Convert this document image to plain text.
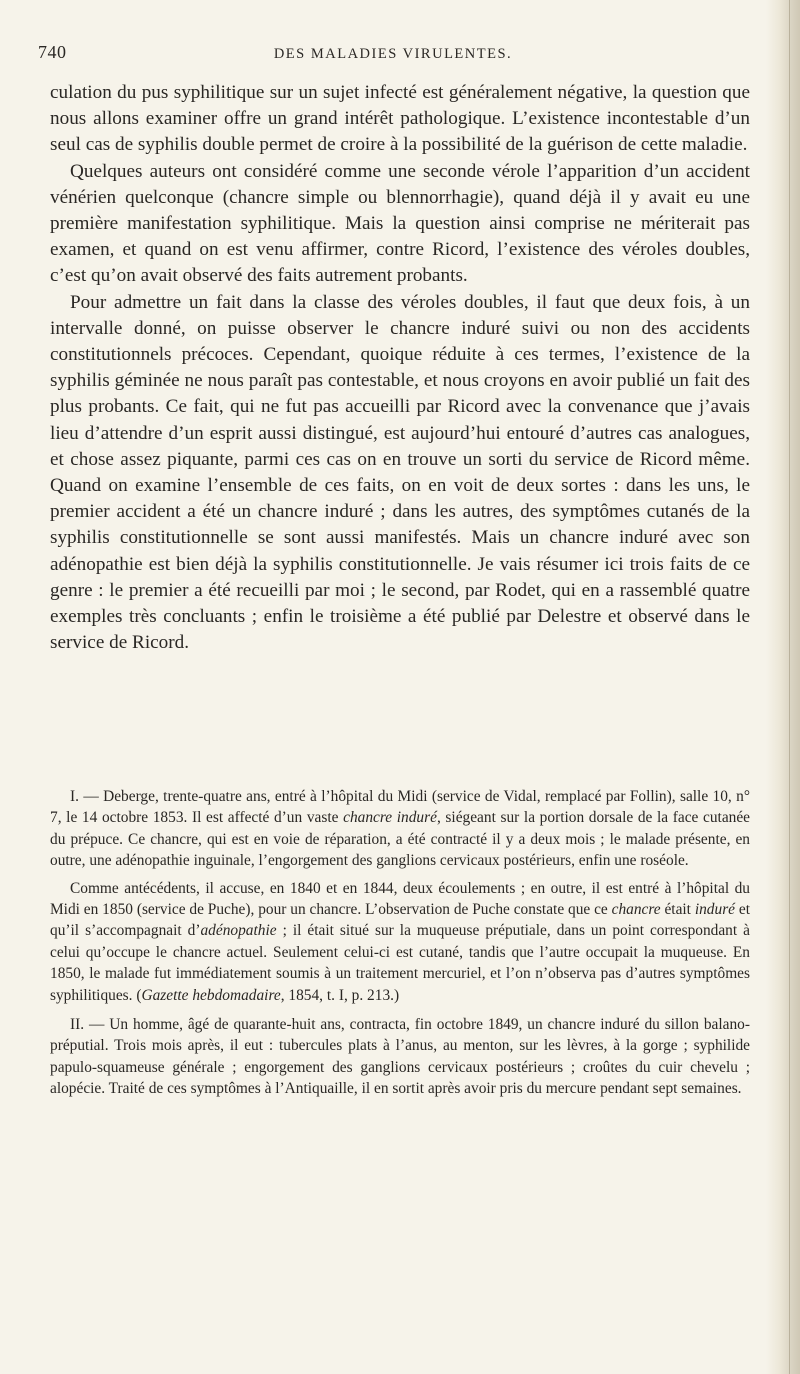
740	DES MALADIES VIRULENTES.

culation du pus syphilitique sur un sujet infecté est généralement négative, la question que nous allons examiner offre un grand intérêt pathologique. L’existence incontestable d’un seul cas de syphilis double permet de croire à la possibilité de la guérison de cette maladie.

Quelques auteurs ont considéré comme une seconde vérole l’apparition d’un accident vénérien quelconque (chancre simple ou blennorrhagie), quand déjà il y avait eu une première manifestation syphilitique. Mais la question ainsi comprise ne mériterait pas examen, et quand on est venu affirmer, contre Ricord, l’existence des véroles doubles, c’est qu’on avait observé des faits autrement probants.

Pour admettre un fait dans la classe des véroles doubles, il faut que deux fois, à un intervalle donné, on puisse observer le chancre induré suivi ou non des accidents constitutionnels précoces. Cependant, quoique réduite à ces termes, l’existence de la syphilis géminée ne nous paraît pas contestable, et nous croyons en avoir publié un fait des plus probants. Ce fait, qui ne fut pas accueilli par Ricord avec la convenance que j’avais lieu d’attendre d’un esprit aussi distingué, est aujourd’hui entouré d’autres cas analogues, et chose assez piquante, parmi ces cas on en trouve un sorti du service de Ricord même. Quand on examine l’ensemble de ces faits, on en voit de deux sortes : dans les uns, le premier accident a été un chancre induré ; dans les autres, des symptômes cutanés de la syphilis constitutionnelle se sont aussi manifestés. Mais un chancre induré avec son adénopathie est bien déjà la syphilis constitutionnelle. Je vais résumer ici trois faits de ce genre : le premier a été recueilli par moi ; le second, par Rodet, qui en a rassemblé quatre exemples très concluants ; enfin le troisième a été publié par Delestre et observé dans le service de Ricord.

I. — Deberge, trente-quatre ans, entré à l’hôpital du Midi (service de Vidal, remplacé par Follin), salle 10, n° 7, le 14 octobre 1853. Il est affecté d’un vaste chancre induré, siégeant sur la portion dorsale de la face cutanée du prépuce. Ce chancre, qui est en voie de réparation, a été contracté il y a deux mois ; le malade présente, en outre, une adénopathie inguinale, l’engorgement des ganglions cervicaux postérieurs, enfin une roséole.

Comme antécédents, il accuse, en 1840 et en 1844, deux écoulements ; en outre, il est entré à l’hôpital du Midi en 1850 (service de Puche), pour un chancre. L’observation de Puche constate que ce chancre était induré et qu’il s’accompagnait d’adénopathie ; il était situé sur la muqueuse préputiale, dans un point correspondant à celui qu’occupe le chancre actuel. Seulement celui-ci est cutané, tandis que l’autre occupait la muqueuse. En 1850, le malade fut immédiatement soumis à un traitement mercuriel, et l’on n’observa pas d’autres symptômes syphilitiques. (Gazette hebdomadaire, 1854, t. I, p. 213.)

II. — Un homme, âgé de quarante-huit ans, contracta, fin octobre 1849, un chancre induré du sillon balano-préputial. Trois mois après, il eut : tubercules plats à l’anus, au menton, sur les lèvres, à la gorge ; syphilide papulo-squameuse générale ; engorgement des ganglions cervicaux postérieurs ; croûtes du cuir chevelu ; alopécie. Traité de ces symptômes à l’Antiquaille, il en sortit après avoir pris du mercure pendant sept semaines.
